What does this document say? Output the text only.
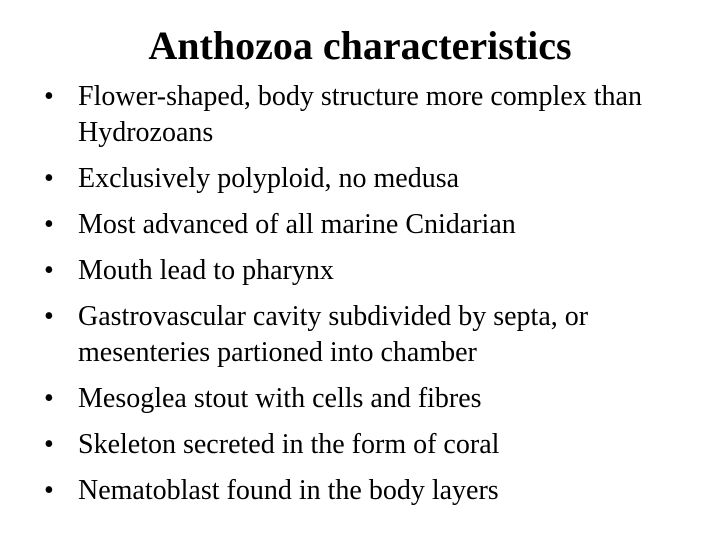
Anthozoa characteristics
• Flower-shaped, body structure more complex than Hydrozoans
• Exclusively polyploid, no medusa
• Most advanced of all marine Cnidarian
• Mouth lead to pharynx
• Gastrovascular cavity subdivided by septa, or mesenteries partioned into chamber
• Mesoglea stout with cells and fibres
• Skeleton secreted in the form of coral
• Nematoblast found in the body layers
